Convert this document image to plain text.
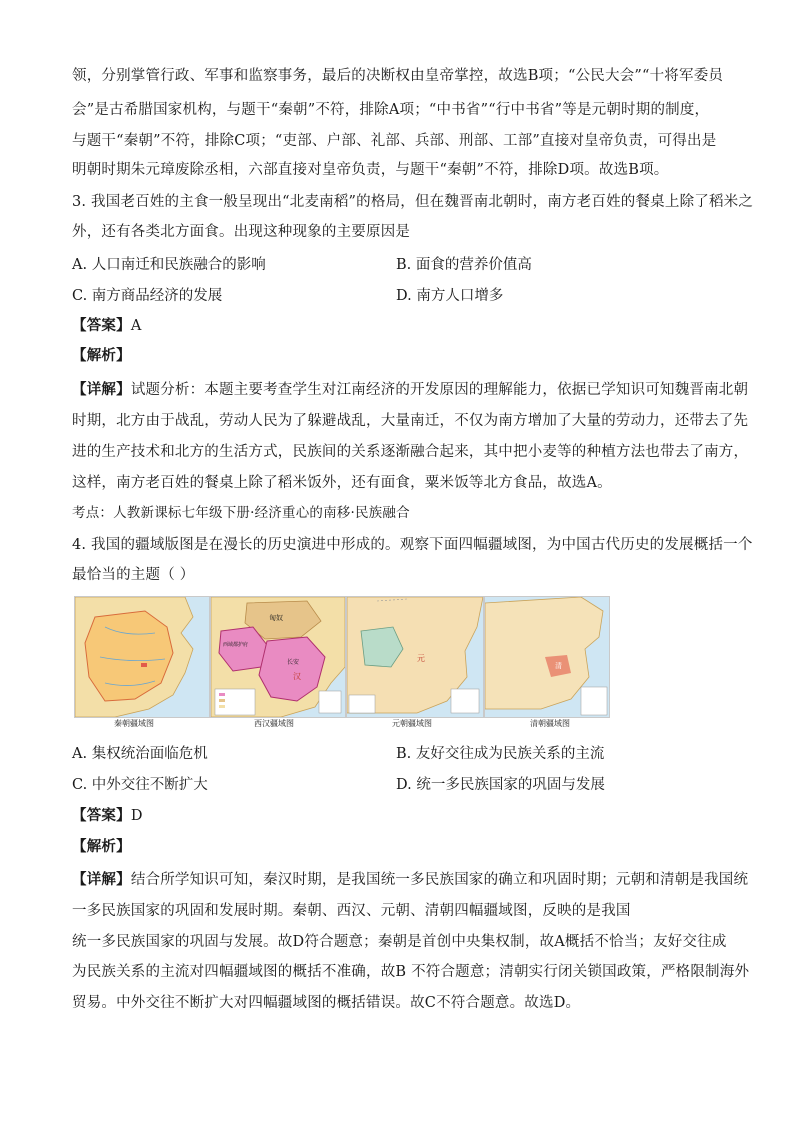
领，分别掌管行政、军事和监察事务，最后的决断权由皇帝掌控，故选B项；“公民大会”“十将军委员
会”是古希腊国家机构，与题干“秦朝”不符，排除A项；“中书省”“行中书省”等是元朝时期的制度，
与题干“秦朝”不符，排除C项；“吏部、户部、礼部、兵部、刑部、工部”直接对皇帝负责，可得出是
明朝时期朱元璋废除丞相，六部直接对皇帝负责，与题干“秦朝”不符，排除D项。故选B项。
3. 我国老百姓的主食一般呈现出“北麦南稻”的格局，但在魏晋南北朝时，南方老百姓的餐桌上除了稻米之
外，还有各类北方面食。出现这种现象的主要原因是
A. 人口南迁和民族融合的影响	B. 面食的营养价值高
C. 南方商品经济的发展	D. 南方人口增多
【答案】A
【解析】
【详解】试题分析：本题主要考查学生对江南经济的开发原因的理解能力，依据已学知识可知魏晋南北朝
时期，北方由于战乱，劳动人民为了躲避战乱，大量南迁，不仅为南方增加了大量的劳动力，还带去了先
进的生产技术和北方的生活方式，民族间的关系逐渐融合起来，其中把小麦等的种植方法也带去了南方，
这样，南方老百姓的餐桌上除了稻米饭外，还有面食，粟米饭等北方食品，故选A。
考点：人教新课标七年级下册·经济重心的南移·民族融合
4. 我国的疆域版图是在漫长的历史演进中形成的。观察下面四幅疆域图，为中国古代历史的发展概括一个
最恰当的主题（ ）
匈奴
西域都护府
长安
汉
元
清
秦朝疆域图	西汉疆域图	元朝疆域图	清朝疆域图
A. 集权统治面临危机	B. 友好交往成为民族关系的主流
C. 中外交往不断扩大	D. 统一多民族国家的巩固与发展
【答案】D
【解析】
【详解】结合所学知识可知，秦汉时期，是我国统一多民族国家的确立和巩固时期；元朝和清朝是我国统
一多民族国家的巩固和发展时期。秦朝、西汉、元朝、清朝四幅疆域图，反映的是我国
统一多民族国家的巩固与发展。故D符合题意；秦朝是首创中央集权制，故A概括不恰当；友好交往成
为民族关系的主流对四幅疆域图的概括不准确，故B 不符合题意；清朝实行闭关锁国政策，严格限制海外
贸易。中外交往不断扩大对四幅疆域图的概括错误。故C不符合题意。故选D。
